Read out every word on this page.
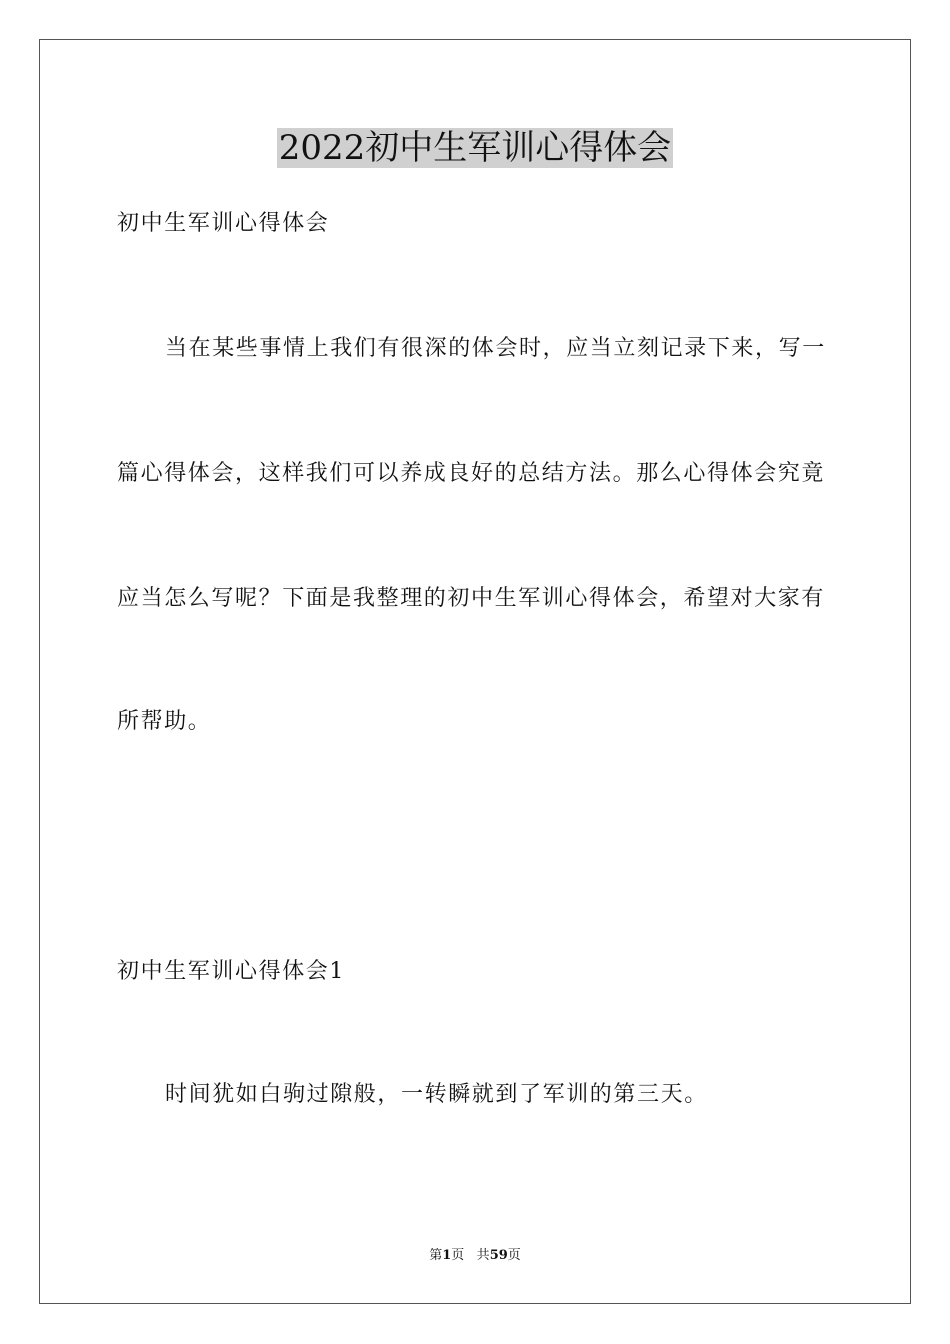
2022初中生军训心得体会
初中生军训心得体会
当在某些事情上我们有很深的体会时，应当立刻记录下来，写一
篇心得体会，这样我们可以养成良好的总结方法。那么心得体会究竟
应当怎么写呢？下面是我整理的初中生军训心得体会，希望对大家有
所帮助。
初中生军训心得体会1
时间犹如白驹过隙般，一转瞬就到了军训的第三天。
第1页 共59页
